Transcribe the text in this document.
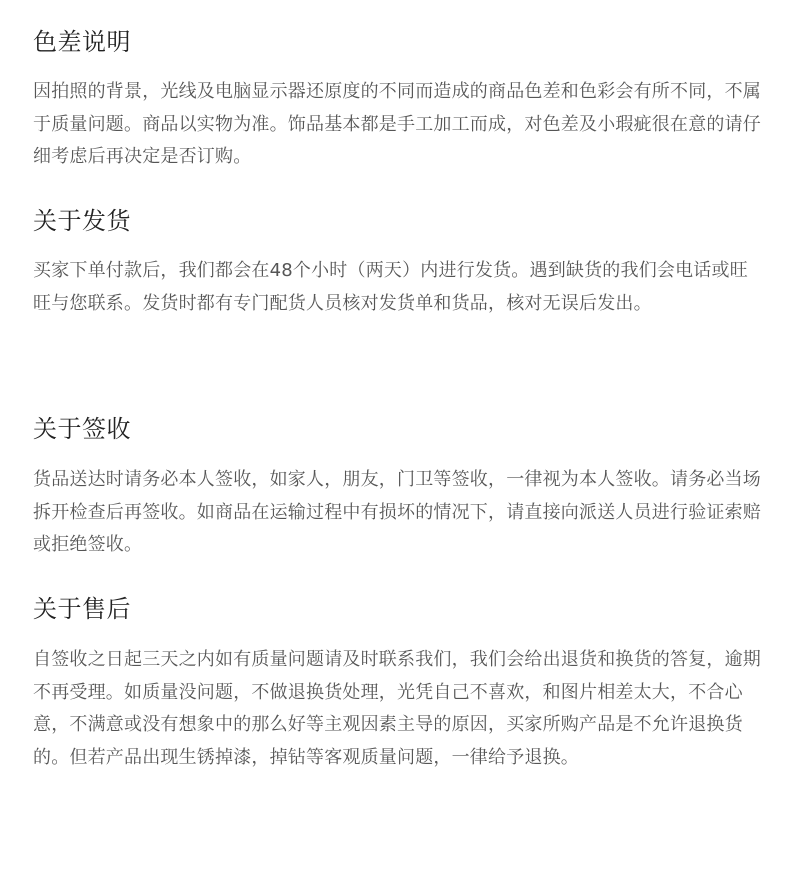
色差说明

因拍照的背景，光线及电脑显示器还原度的不同而造成的商品色差和色彩会有所不同，不属于质量问题。商品以实物为准。饰品基本都是手工加工而成，对色差及小瑕疵很在意的请仔细考虑后再决定是否订购。

关于发货

买家下单付款后，我们都会在48个小时（两天）内进行发货。遇到缺货的我们会电话或旺旺与您联系。发货时都有专门配货人员核对发货单和货品，核对无误后发出。

关于签收

货品送达时请务必本人签收，如家人，朋友，门卫等签收，一律视为本人签收。请务必当场拆开检查后再签收。如商品在运输过程中有损坏的情况下，请直接向派送人员进行验证索赔或拒绝签收。

关于售后

自签收之日起三天之内如有质量问题请及时联系我们，我们会给出退货和换货的答复，逾期不再受理。如质量没问题，不做退换货处理，光凭自己不喜欢，和图片相差太大，不合心意，不满意或没有想象中的那么好等主观因素主导的原因，买家所购产品是不允许退换货的。但若产品出现生锈掉漆，掉钻等客观质量问题，一律给予退换。
